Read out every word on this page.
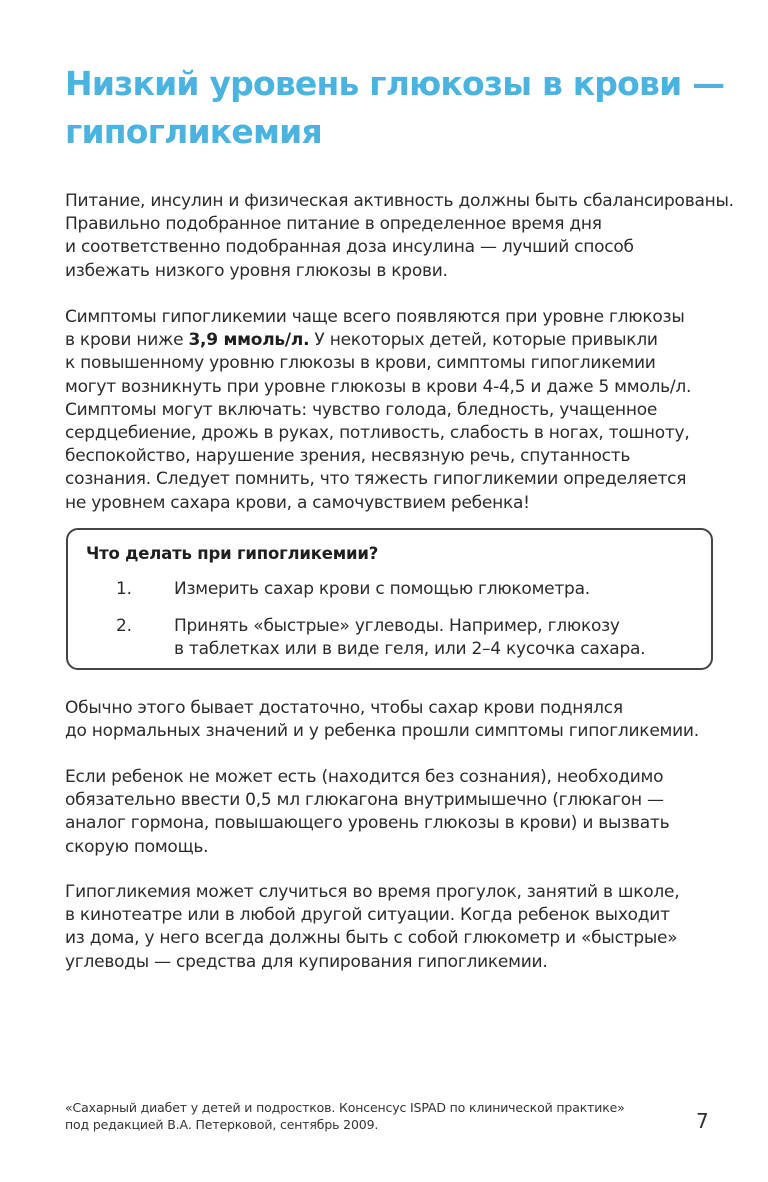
Низкий уровень глюкозы в крови —
гипогликемия

Питание, инсулин и физическая активность должны быть сбалансированы.
Правильно подобранное питание в определенное время дня
и соответственно подобранная доза инсулина — лучший способ
избежать низкого уровня глюкозы в крови.

Симптомы гипогликемии чаще всего появляются при уровне глюкозы
в крови ниже 3,9 ммоль/л. У некоторых детей, которые привыкли
к повышенному уровню глюкозы в крови, симптомы гипогликемии
могут возникнуть при уровне глюкозы в крови 4-4,5 и даже 5 ммоль/л.
Симптомы могут включать: чувство голода, бледность, учащенное
сердцебиение, дрожь в руках, потливость, слабость в ногах, тошноту,
беспокойство, нарушение зрения, несвязную речь, спутанность
сознания. Следует помнить, что тяжесть гипогликемии определяется
не уровнем сахара крови, а самочувствием ребенка!

Что делать при гипогликемии?
1. Измерить сахар крови с помощью глюкометра.
2. Принять «быстрые» углеводы. Например, глюкозу
в таблетках или в виде геля, или 2–4 кусочка сахара.

Обычно этого бывает достаточно, чтобы сахар крови поднялся
до нормальных значений и у ребенка прошли симптомы гипогликемии.

Если ребенок не может есть (находится без сознания), необходимо
обязательно ввести 0,5 мл глюкагона внутримышечно (глюкагон —
аналог гормона, повышающего уровень глюкозы в крови) и вызвать
скорую помощь.

Гипогликемия может случиться во время прогулок, занятий в школе,
в кинотеатре или в любой другой ситуации. Когда ребенок выходит
из дома, у него всегда должны быть с собой глюкометр и «быстрые»
углеводы — средства для купирования гипогликемии.

«Сахарный диабет у детей и подростков. Консенсус ISPAD по клинической практике»
под редакцией В.А. Петерковой, сентябрь 2009.	7
